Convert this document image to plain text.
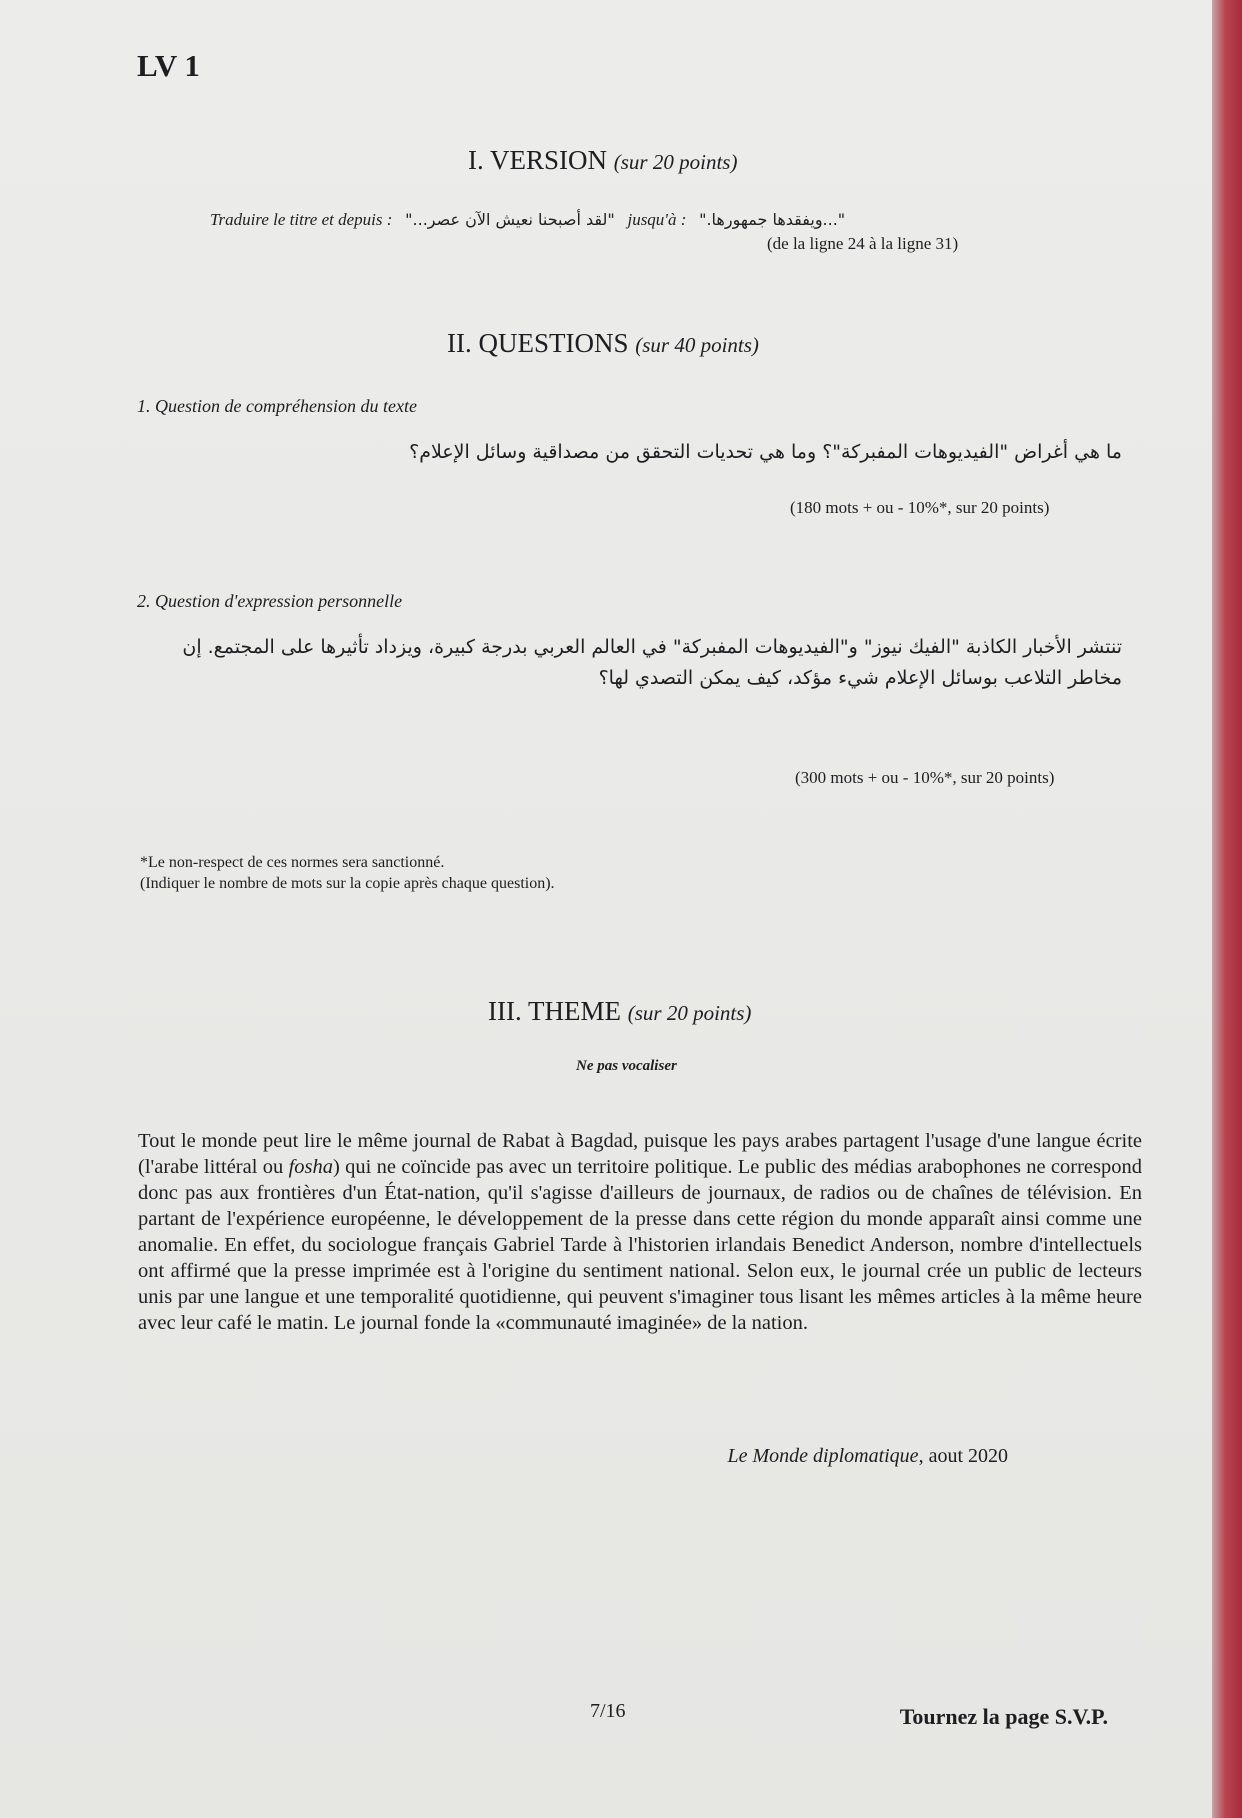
LV 1
I. VERSION (sur 20 points)
Traduire le titre et depuis : "لقد أصبحنا نعيش الآن عصر..." jusqu'à : "...ويفقدها جمهورها."
(de la ligne 24 à la ligne 31)
II. QUESTIONS (sur 40 points)
1. Question de compréhension du texte
ما هي أغراض "الفيديوهات المفبركة"؟ وما هي تحديات التحقق من مصداقية وسائل الإعلام؟
(180 mots + ou - 10%*, sur 20 points)
2. Question d'expression personnelle
تنتشر الأخبار الكاذبة "الفيك نيوز" و"الفيديوهات المفبركة" في العالم العربي بدرجة كبيرة، ويزداد تأثيرها على المجتمع. إن مخاطر التلاعب بوسائل الإعلام شيء مؤكد، كيف يمكن التصدي لها؟
(300 mots + ou - 10%*, sur 20 points)
*Le non-respect de ces normes sera sanctionné.
(Indiquer le nombre de mots sur la copie après chaque question).
III. THEME (sur 20 points)
Ne pas vocaliser
Tout le monde peut lire le même journal de Rabat à Bagdad, puisque les pays arabes partagent l'usage d'une langue écrite (l'arabe littéral ou fosha) qui ne coïncide pas avec un territoire politique. Le public des médias arabophones ne correspond donc pas aux frontières d'un État-nation, qu'il s'agisse d'ailleurs de journaux, de radios ou de chaînes de télévision. En partant de l'expérience européenne, le développement de la presse dans cette région du monde apparaît ainsi comme une anomalie. En effet, du sociologue français Gabriel Tarde à l'historien irlandais Benedict Anderson, nombre d'intellectuels ont affirmé que la presse imprimée est à l'origine du sentiment national. Selon eux, le journal crée un public de lecteurs unis par une langue et une temporalité quotidienne, qui peuvent s'imaginer tous lisant les mêmes articles à la même heure avec leur café le matin. Le journal fonde la «communauté imaginée» de la nation.
Le Monde diplomatique, aout 2020
7/16	Tournez la page S.V.P.
